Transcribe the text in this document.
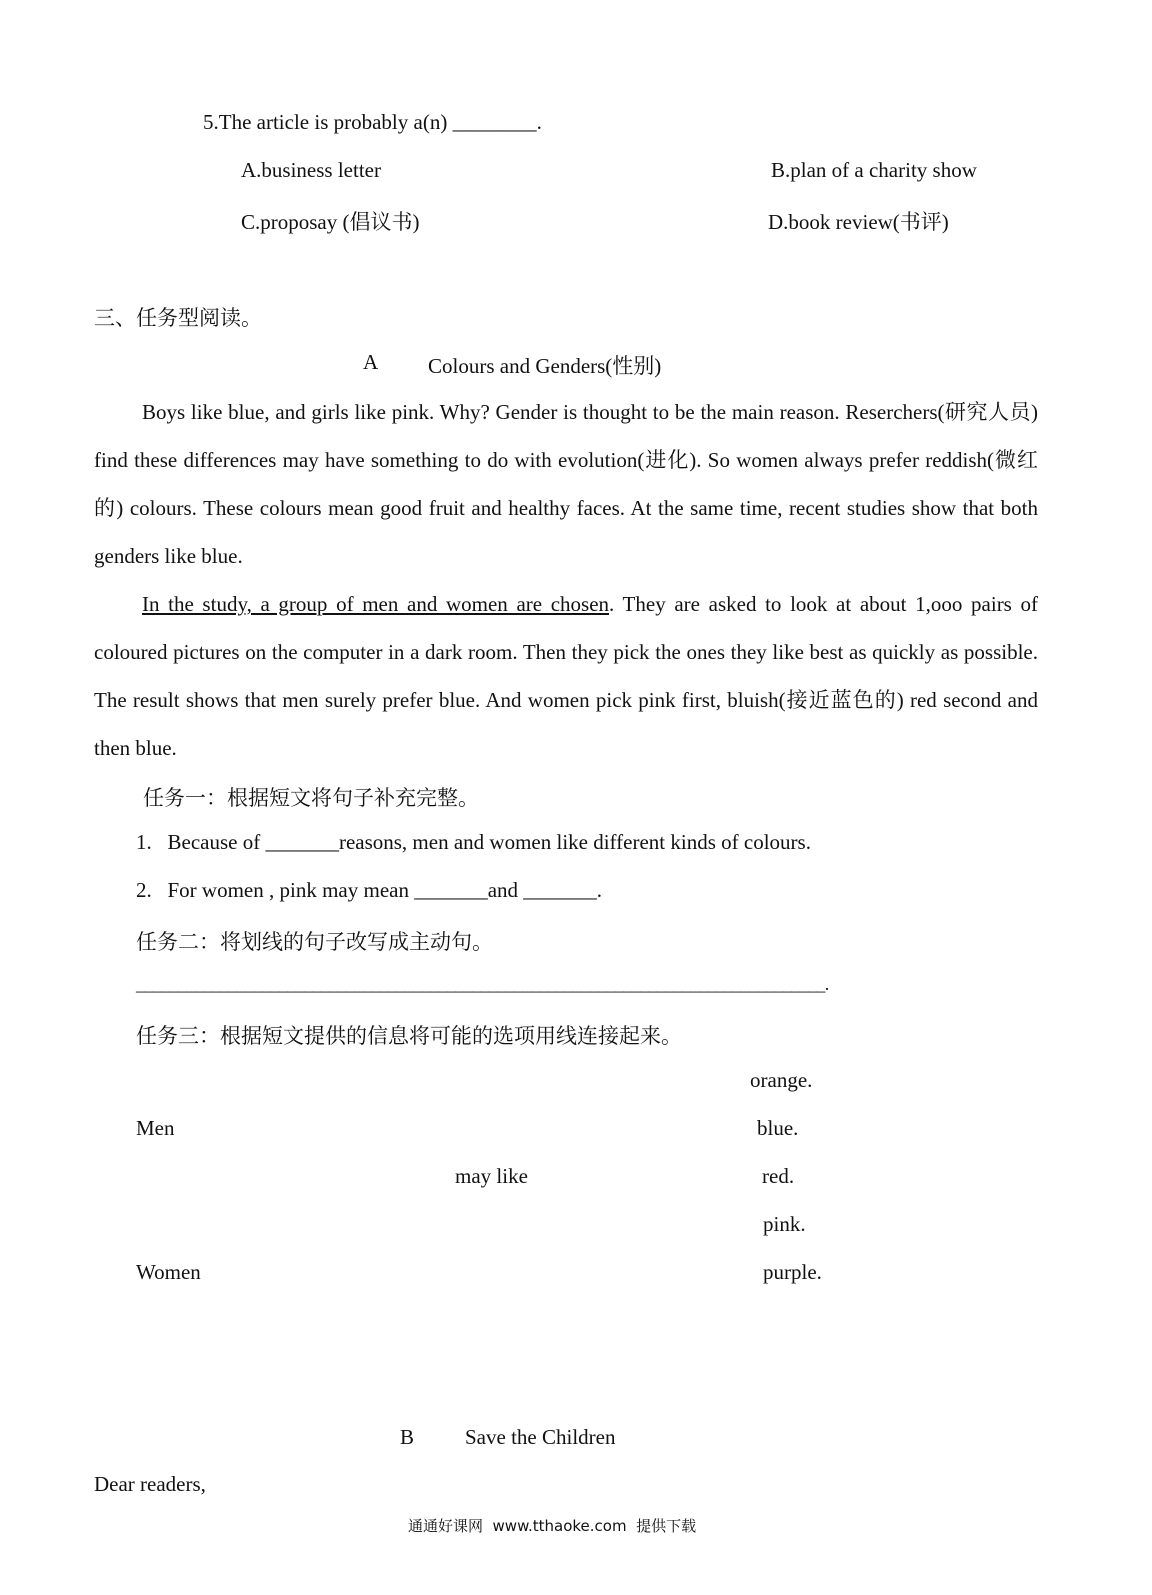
5.The article is probably a(n) ________.
A.business letter	B.plan of a charity show
C.proposay (倡议书)	D.book review(书评)
三、任务型阅读。
A Colours and Genders(性别)
Boys like blue, and girls like pink. Why? Gender is thought to be the main reason. Reserchers(研究人员) find these differences may have something to do with evolution(进化). So women always prefer reddish(微红的) colours. These colours mean good fruit and healthy faces. At the same time, recent studies show that both genders like blue.
In the study, a group of men and women are chosen. They are asked to look at about 1,ooo pairs of coloured pictures on the computer in a dark room. Then they pick the ones they like best as quickly as possible. The result shows that men surely prefer blue. And women pick pink first, bluish(接近蓝色的) red second and then blue.
任务一：根据短文将句子补充完整。
1.   Because of _______reasons, men and women like different kinds of colours.
2.   For women , pink may mean _______and _______.
任务二：将划线的句子改写成主动句。
__________________________________________________________________________________.
任务三：根据短文提供的信息将可能的选项用线连接起来。
orange.
Men	blue.
may like	red.
pink.
Women	purple.
B Save the Children
Dear readers,
通通好课网  www.tthaoke.com  提供下载
